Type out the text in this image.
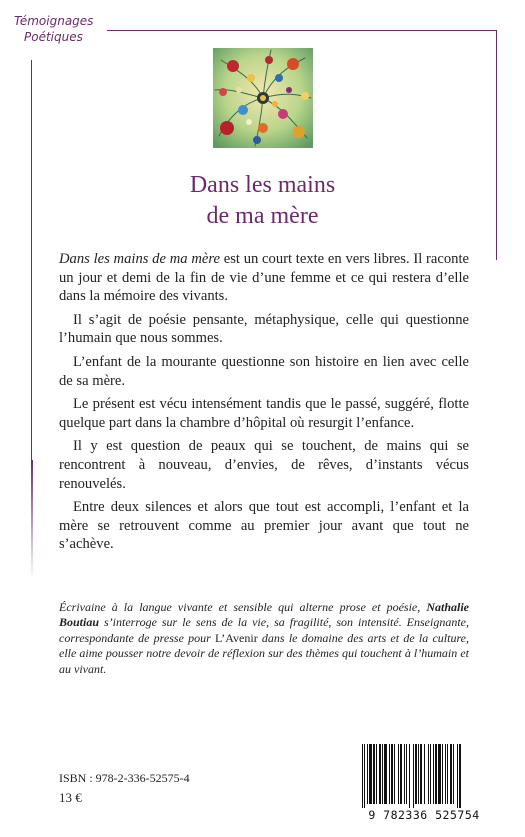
Témoignages
Poétiques
Dans les mains
de ma mère

Dans les mains de ma mère est un court texte en vers libres. Il raconte un jour et demi de la fin de vie d’une femme et ce qui restera d’elle dans la mémoire des vivants.

Il s’agit de poésie pensante, métaphysique, celle qui questionne l’humain que nous sommes.

L’enfant de la mourante questionne son histoire en lien avec celle de sa mère.

Le présent est vécu intensément tandis que le passé, suggéré, flotte quelque part dans la chambre d’hôpital où resurgit l’enfance.

Il y est question de peaux qui se touchent, de mains qui se rencontrent à nouveau, d’envies, de rêves, d’instants vécus renouvelés.

Entre deux silences et alors que tout est accompli, l’enfant et la mère se retrouvent comme au premier jour avant que tout ne s’achève.

Écrivaine à la langue vivante et sensible qui alterne prose et poésie, Nathalie Boutiau s’interroge sur le sens de la vie, sa fragilité, son intensité. Enseignante, correspondante de presse pour L’Avenir dans le domaine des arts et de la culture, elle aime pousser notre devoir de réflexion sur des thèmes qui touchent à l’humain et au vivant.
ISBN : 978-2-336-52575-4
13 €
9 782336 525754
